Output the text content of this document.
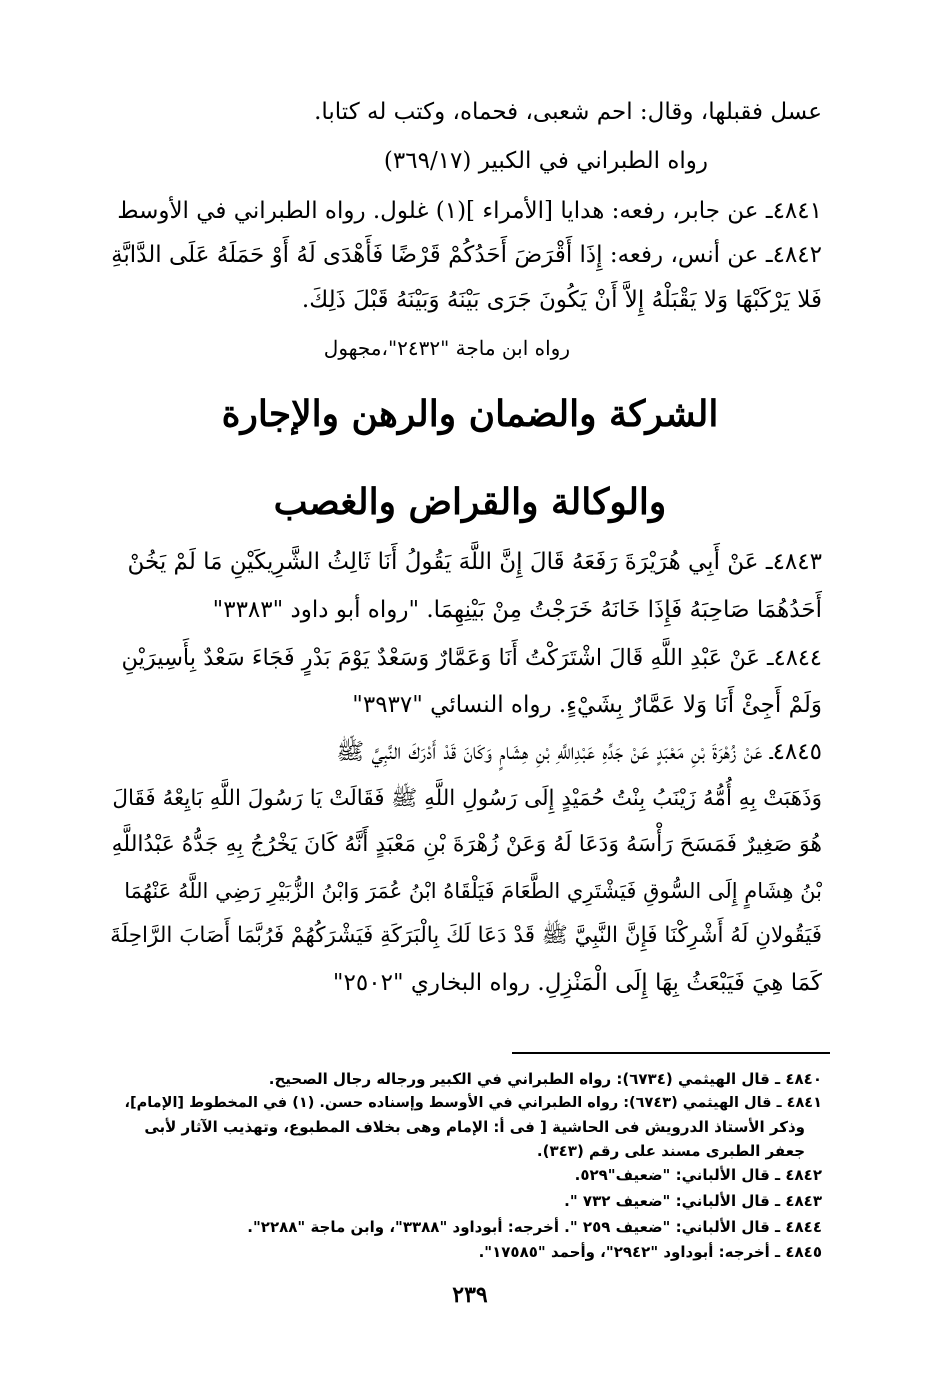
عسل فقبلها، وقال: احم شعبى، فحماه، وكتب له كتابا.
رواه الطبراني في الكبير (٣٦٩/١٧)
٤٨٤١ـ عن جابر، رفعه: هدايا [الأمراء ](١) غلول. رواه الطبراني في الأوسط
٤٨٤٢ـ عن أنس، رفعه: إِذَا أَقْرَضَ أَحَدُكُمْ قَرْضًا فَأَهْدَى لَهُ أَوْ حَمَلَهُ عَلَى الدَّابَّةِ
فَلا يَرْكَبْهَا وَلا يَقْبَلْهُ إِلاَّ أَنْ يَكُونَ جَرَى بَيْنَهُ وَبَيْنَهُ قَبْلَ ذَلِكَ.
رواه ابن ماجة "٢٤٣٢"،مجهول
الشركة والضمان والرهن والإجارة
والوكالة والقراض والغصب
٤٨٤٣ـ عَنْ أَبِي هُرَيْرَةَ رَفَعَهُ قَالَ إِنَّ اللَّهَ يَقُولُ أَنَا ثَالِثُ الشَّرِيكَيْنِ مَا لَمْ يَخُنْ
أَحَدُهُمَا صَاحِبَهُ فَإِذَا خَانَهُ خَرَجْتُ مِنْ بَيْنِهِمَا. "رواه أبو داود "٣٣٨٣"
٤٨٤٤ـ عَنْ عَبْدِ اللَّهِ قَالَ اشْتَرَكْتُ أَنَا وَعَمَّارٌ وَسَعْدٌ يَوْمَ بَدْرٍ فَجَاءَ سَعْدٌ بِأَسِيرَيْنِ
وَلَمْ أَجِئْ أَنَا وَلا عَمَّارٌ بِشَيْءٍ. رواه النسائي "٣٩٣٧"
٤٨٤٥ـ عَنْ زُهْرَةَ بْنِ مَعْبَدٍ عَنْ جَدِّهِ عَبْدِاللَّهِ بْنِ هِشَامٍ وَكَانَ قَدْ أَدْرَكَ النَّبِيَّ ﷺ
وَذَهَبَتْ بِهِ أُمُّهُ زَيْنَبُ بِنْتُ حُمَيْدٍ إِلَى رَسُولِ اللَّهِ ﷺ فَقَالَتْ يَا رَسُولَ اللَّهِ بَايِعْهُ فَقَالَ
هُوَ صَغِيرٌ فَمَسَحَ رَأْسَهُ وَدَعَا لَهُ وَعَنْ زُهْرَةَ بْنِ مَعْبَدٍ أَنَّهُ كَانَ يَخْرُجُ بِهِ جَدُّهُ عَبْدُاللَّهِ
بْنُ هِشَامٍ إِلَى السُّوقِ فَيَشْتَرِي الطَّعَامَ فَيَلْقَاهُ ابْنُ عُمَرَ وَابْنُ الزُّبَيْرِ رَضِي اللَّهُ عَنْهُمَا
فَيَقُولانِ لَهُ أَشْرِكْنَا فَإِنَّ النَّبِيَّ ﷺ قَدْ دَعَا لَكَ بِالْبَرَكَةِ فَيَشْرَكُهُمْ فَرُبَّمَا أَصَابَ الرَّاحِلَةَ
كَمَا هِيَ فَيَبْعَثُ بِهَا إِلَى الْمَنْزِلِ. رواه البخاري "٢٥٠٢"
٤٨٤٠ ـ قال الهيثمي (٦٧٣٤): رواه الطبراني في الكبير ورجاله رجال الصحيح.
٤٨٤١ ـ قال الهيثمي (٦٧٤٣): رواه الطبراني في الأوسط وإسناده حسن. (١) في المخطوط [الإمام]،
وذكر الأستاذ الدرويش فى الحاشية [ فى أ: الإمام وهى بخلاف المطبوع، وتهذيب الآثار لأبى
جعفر الطبرى مسند على رقم (٣٤٣).
٤٨٤٢ ـ قال الألباني: "ضعيف"٥٢٩.
٤٨٤٣ ـ قال الألباني: "ضعيف ٧٣٢ ".
٤٨٤٤ ـ قال الألباني: "ضعيف ٢٥٩ ". أخرجه: أبوداود "٣٣٨٨"، وابن ماجة "٢٢٨٨".
٤٨٤٥ ـ أخرجه: أبوداود "٢٩٤٢"، وأحمد "١٧٥٨٥".
٢٣٩
